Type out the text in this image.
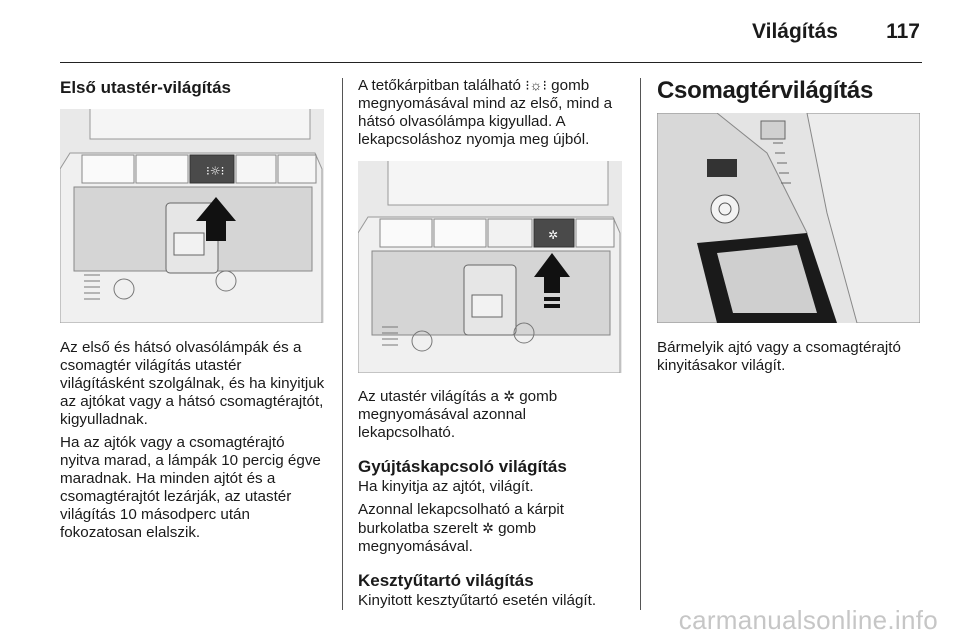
Világítás 117
Első utastér-világítás
⁝☼⁝

Az első és hátsó olvasólámpák és a csomagtér világítás utastér világításként szolgálnak, és ha kinyitjuk az ajtókat vagy a hátsó csomagtérajtót, kigyulladnak.

Ha az ajtók vagy a csomagtérajtó nyitva marad, a lámpák 10 percig égve maradnak. Ha minden ajtót és a csomagtérajtót lezárják, az utastér világítás 10 másodperc után fokozatosan elalszik.

A tetőkárpitban található ⁝☼⁝ gomb megnyomásával mind az első, mind a hátsó olvasólámpa kigyullad. A lekapcsoláshoz nyomja meg újból.

✲

Az utastér világítás a ✲ gomb megnyomásával azonnal lekapcsolható.

Gyújtáskapcsoló világítás

Ha kinyitja az ajtót, világít.

Azonnal lekapcsolható a kárpit burkolatba szerelt ✲ gomb megnyomásával.

Kesztyűtartó világítás

Kinyitott kesztyűtartó esetén világít.

Csomagtérvilágítás

Bármelyik ajtó vagy a csomagtérajtó kinyitásakor világít.

carmanualsonline.info
